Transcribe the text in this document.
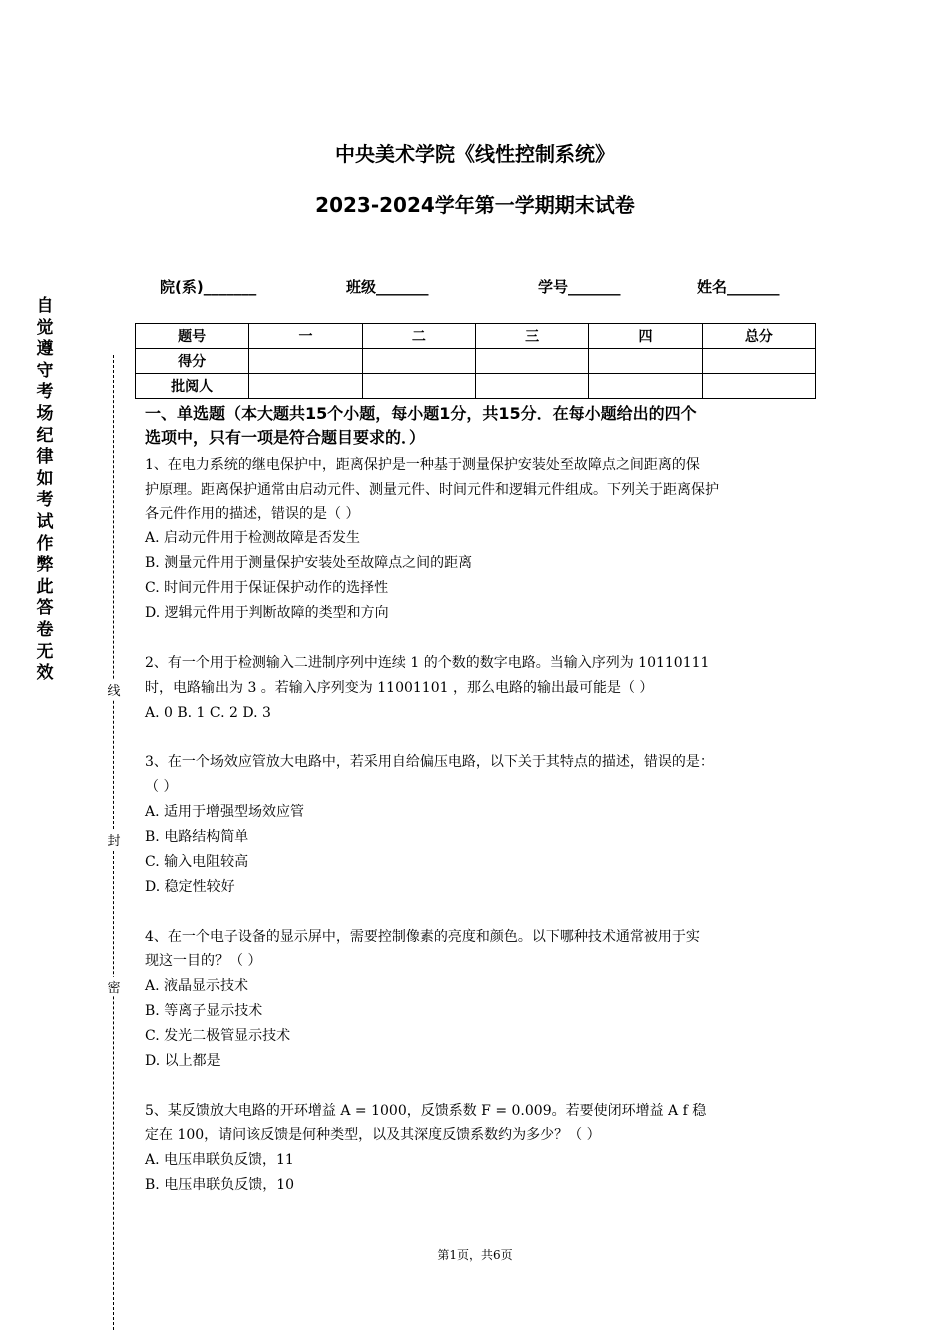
中央美术学院《线性控制系统》
2023-2024学年第一学期期末试卷
院(系)_______	班级_______	学号_______	姓名_______
题号	一	二	三	四	总分
得分					
批阅人					
自觉遵守考场纪律如考试作弊此答卷无效
线
封
密
一、单选题（本大题共15个小题，每小题1分，共15分．在每小题给出的四个
选项中，只有一项是符合题目要求的．）
1、在电力系统的继电保护中，距离保护是一种基于测量保护安装处至故障点之间距离的保
护原理。距离保护通常由启动元件、测量元件、时间元件和逻辑元件组成。下列关于距离保护
各元件作用的描述，错误的是（ ）
A. 启动元件用于检测故障是否发生
B. 测量元件用于测量保护安装处至故障点之间的距离
C. 时间元件用于保证保护动作的选择性
D. 逻辑元件用于判断故障的类型和方向
2、有一个用于检测输入二进制序列中连续 1 的个数的数字电路。当输入序列为 10110111
时，电路输出为 3 。若输入序列变为 11001101 ，那么电路的输出最可能是（ ）
A. 0 B. 1 C. 2 D. 3
3、在一个场效应管放大电路中，若采用自给偏压电路，以下关于其特点的描述，错误的是：
（ ）
A. 适用于增强型场效应管
B. 电路结构简单
C. 输入电阻较高
D. 稳定性较好
4、在一个电子设备的显示屏中，需要控制像素的亮度和颜色。以下哪种技术通常被用于实
现这一目的？（ ）
A. 液晶显示技术
B. 等离子显示技术
C. 发光二极管显示技术
D. 以上都是
5、某反馈放大电路的开环增益 A = 1000，反馈系数 F = 0.009。若要使闭环增益 A f 稳
定在 100，请问该反馈是何种类型，以及其深度反馈系数约为多少？（ ）
A. 电压串联负反馈，11
B. 电压串联负反馈，10
第1页，共6页
